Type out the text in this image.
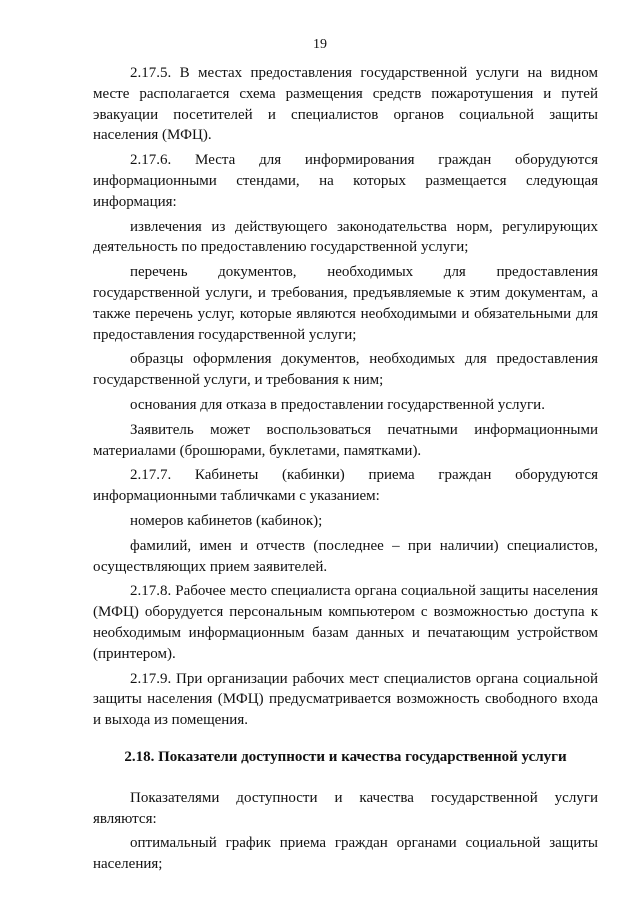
19

2.17.5. В местах предоставления государственной услуги на видном месте располагается схема размещения средств пожаротушения и путей эвакуации посетителей и специалистов органов социальной защиты населения (МФЦ).

2.17.6. Места для информирования граждан оборудуются информационными стендами, на которых размещается следующая информация:

извлечения из действующего законодательства норм, регулирующих деятельность по предоставлению государственной услуги;

перечень документов, необходимых для предоставления государственной услуги, и требования, предъявляемые к этим документам, а также перечень услуг, которые являются необходимыми и обязательными для предоставления государственной услуги;

образцы оформления документов, необходимых для предоставления государственной услуги, и требования к ним;

основания для отказа в предоставлении государственной услуги.

Заявитель может воспользоваться печатными информационными материалами (брошюрами, буклетами, памятками).

2.17.7. Кабинеты (кабинки) приема граждан оборудуются информационными табличками с указанием:

номеров кабинетов (кабинок);

фамилий, имен и отчеств (последнее – при наличии) специалистов, осуществляющих прием заявителей.

2.17.8. Рабочее место специалиста органа социальной защиты населения (МФЦ) оборудуется персональным компьютером с возможностью доступа к необходимым информационным базам данных и печатающим устройством (принтером).

2.17.9. При организации рабочих мест специалистов органа социальной защиты населения (МФЦ) предусматривается возможность свободного входа и выхода из помещения.

2.18. Показатели доступности и качества государственной услуги

Показателями доступности и качества государственной услуги являются:

оптимальный график приема граждан органами социальной защиты населения;
